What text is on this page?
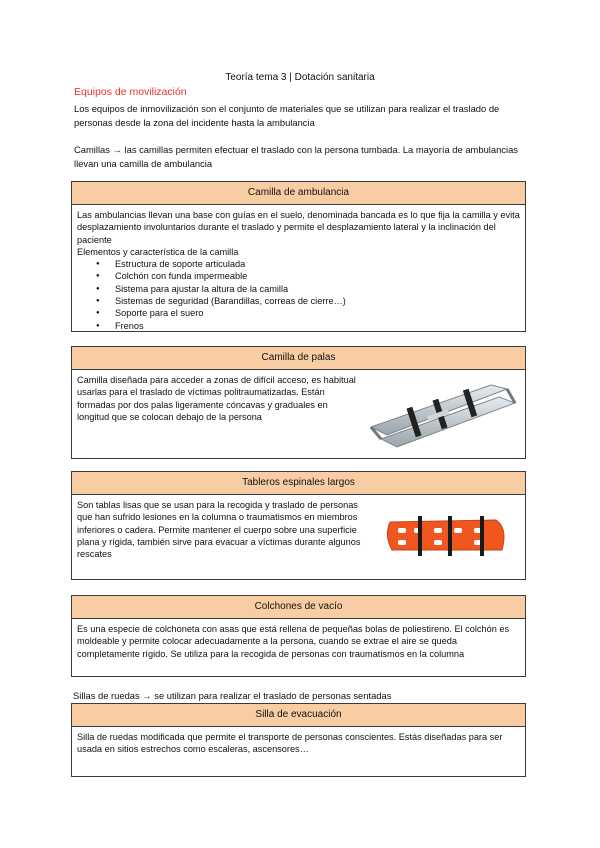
Teoría tema 3 | Dotación sanitaria
Equipos de movilización

Los equipos de inmovilización son el conjunto de materiales que se utilizan para realizar el traslado de personas desde la zona del incidente hasta la ambulancia

Camillas → las camillas permiten efectuar el traslado con la persona tumbada. La mayoría de ambulancias llevan una camilla de ambulancia

Camilla de ambulancia
Las ambulancias llevan una base con guías en el suelo, denominada bancada es lo que fija la camilla y evita desplazamiento involuntarios durante el traslado y permite el desplazamiento lateral y la inclinación del paciente
Elementos y característica de la camilla
● Estructura de soporte articulada
● Colchón con funda impermeable
● Sistema para ajustar la altura de la camilla
● Sistemas de seguridad (Barandillas, correas de cierre…)
● Soporte para el suero
● Frenos
Camilla de palas
Camilla diseñada para acceder a zonas de difícil acceso, es habitual usarlas para el traslado de víctimas politraumatizadas. Están formadas por dos palas ligeramente cóncavas y graduales en longitud que se colocan debajo de la persona
Tableros espinales largos
Son tablas lisas que se usan para la recogida y traslado de personas que han sufrido lesiones en la columna o traumatismos en miembros inferiores o cadera. Permite mantener el cuerpo sobre una superficie plana y rígida, también sirve para evacuar a víctimas durante algunos rescates
Colchones de vacío
Es una especie de colchoneta con asas que está rellena de pequeñas bolas de poliestireno. El colchón es moldeable y permite colocar adecuadamente a la persona, cuando se extrae el aire se queda completamente rígido. Se utiliza para la recogida de personas con traumatismos en la columna

Sillas de ruedas → se utilizan para realizar el traslado de personas sentadas

Silla de evacuación
Silla de ruedas modificada que permite el transporte de personas conscientes. Estás diseñadas para ser usada en sitios estrechos como escaleras, ascensores…
